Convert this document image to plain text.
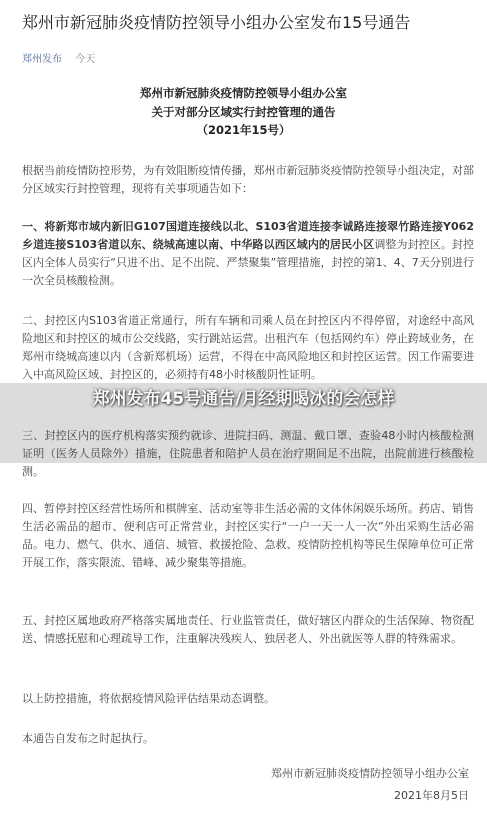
郑州市新冠肺炎疫情防控领导小组办公室发布15号通告
郑州发布 今天
郑州市新冠肺炎疫情防控领导小组办公室
关于对部分区域实行封控管理的通告
（2021年15号）

根据当前疫情防控形势，为有效阻断疫情传播，郑州市新冠肺炎疫情防控领导小组决定，对部分区域实行封控管理，现将有关事项通告如下：

一、将新郑市域内新旧G107国道连接线以北、S103省道连接李诚路连接翠竹路连接Y062乡道连接S103省道以东、绕城高速以南、中华路以西区域内的居民小区调整为封控区。封控区内全体人员实行“只进不出、足不出院、严禁聚集”管理措施，封控的第1、4、7天分别进行一次全员核酸检测。

二、封控区内S103省道正常通行，所有车辆和司乘人员在封控区内不得停留，对途经中高风险地区和封控区的城市公交线路，实行跳站运营。出租汽车（包括网约车）停止跨域业务，在郑州市绕城高速以内（含新郑机场）运营，不得在中高风险地区和封控区运营。因工作需要进入中高风险区域、封控区的，必须持有48小时核酸阴性证明。

三、封控区内的医疗机构落实预约就诊、进院扫码、测温、戴口罩、查验48小时内核酸检测证明（医务人员除外）措施，住院患者和陪护人员在治疗期间足不出院，出院前进行核酸检测。

四、暂停封控区经营性场所和棋牌室、活动室等非生活必需的文体休闲娱乐场所。药店、销售生活必需品的超市、便利店可正常营业，封控区实行“一户一天一人一次”外出采购生活必需品。电力、燃气、供水、通信、城管、救援抢险、急救、疫情防控机构等民生保障单位可正常开展工作，落实限流、错峰、减少聚集等措施。

五、封控区属地政府严格落实属地责任、行业监管责任，做好辖区内群众的生活保障、物资配送、情感抚慰和心理疏导工作，注重解决残疾人、独居老人、外出就医等人群的特殊需求。

以上防控措施，将依据疫情风险评估结果动态调整。

本通告自发布之时起执行。

郑州市新冠肺炎疫情防控领导小组办公室
2021年8月5日
郑州发布45号通告/月经期喝冰的会怎样
